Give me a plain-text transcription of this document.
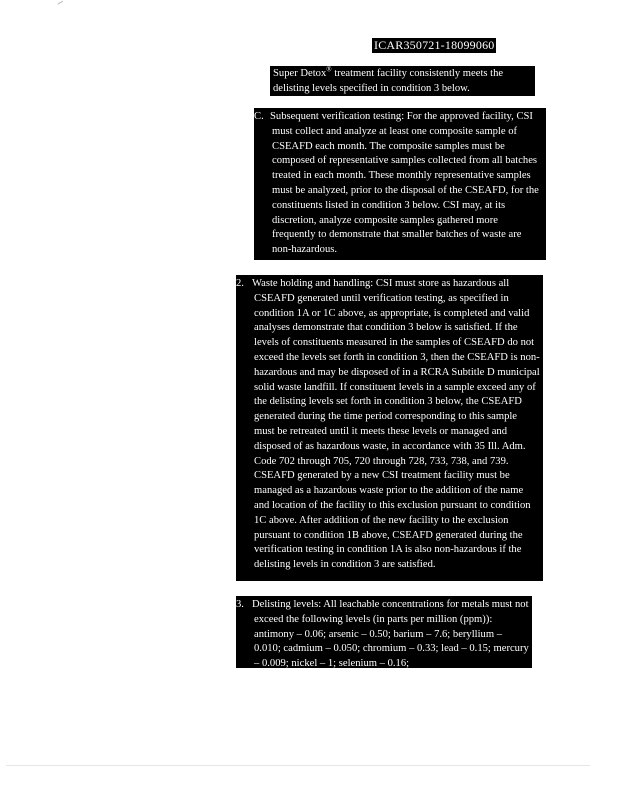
ICAR350721-18099060
Super Detox® treatment facility consistently meets the delisting levels specified in condition 3 below.
C. Subsequent verification testing: For the approved facility, CSI must collect and analyze at least one composite sample of CSEAFD each month. The composite samples must be composed of representative samples collected from all batches treated in each month. These monthly representative samples must be analyzed, prior to the disposal of the CSEAFD, for the constituents listed in condition 3 below. CSI may, at its discretion, analyze composite samples gathered more frequently to demonstrate that smaller batches of waste are non-hazardous.
2. Waste holding and handling: CSI must store as hazardous all CSEAFD generated until verification testing, as specified in condition 1A or 1C above, as appropriate, is completed and valid analyses demonstrate that condition 3 below is satisfied. If the levels of constituents measured in the samples of CSEAFD do not exceed the levels set forth in condition 3, then the CSEAFD is non-hazardous and may be disposed of in a RCRA Subtitle D municipal solid waste landfill. If constituent levels in a sample exceed any of the delisting levels set forth in condition 3 below, the CSEAFD generated during the time period corresponding to this sample must be retreated until it meets these levels or managed and disposed of as hazardous waste, in accordance with 35 Ill. Adm. Code 702 through 705, 720 through 728, 733, 738, and 739. CSEAFD generated by a new CSI treatment facility must be managed as a hazardous waste prior to the addition of the name and location of the facility to this exclusion pursuant to condition 1C above. After addition of the new facility to the exclusion pursuant to condition 1B above, CSEAFD generated during the verification testing in condition 1A is also non-hazardous if the delisting levels in condition 3 are satisfied.
3. Delisting levels: All leachable concentrations for metals must not exceed the following levels (in parts per million (ppm)): antimony – 0.06; arsenic – 0.50; barium – 7.6; beryllium – 0.010; cadmium – 0.050; chromium – 0.33; lead – 0.15; mercury – 0.009; nickel – 1; selenium – 0.16;
